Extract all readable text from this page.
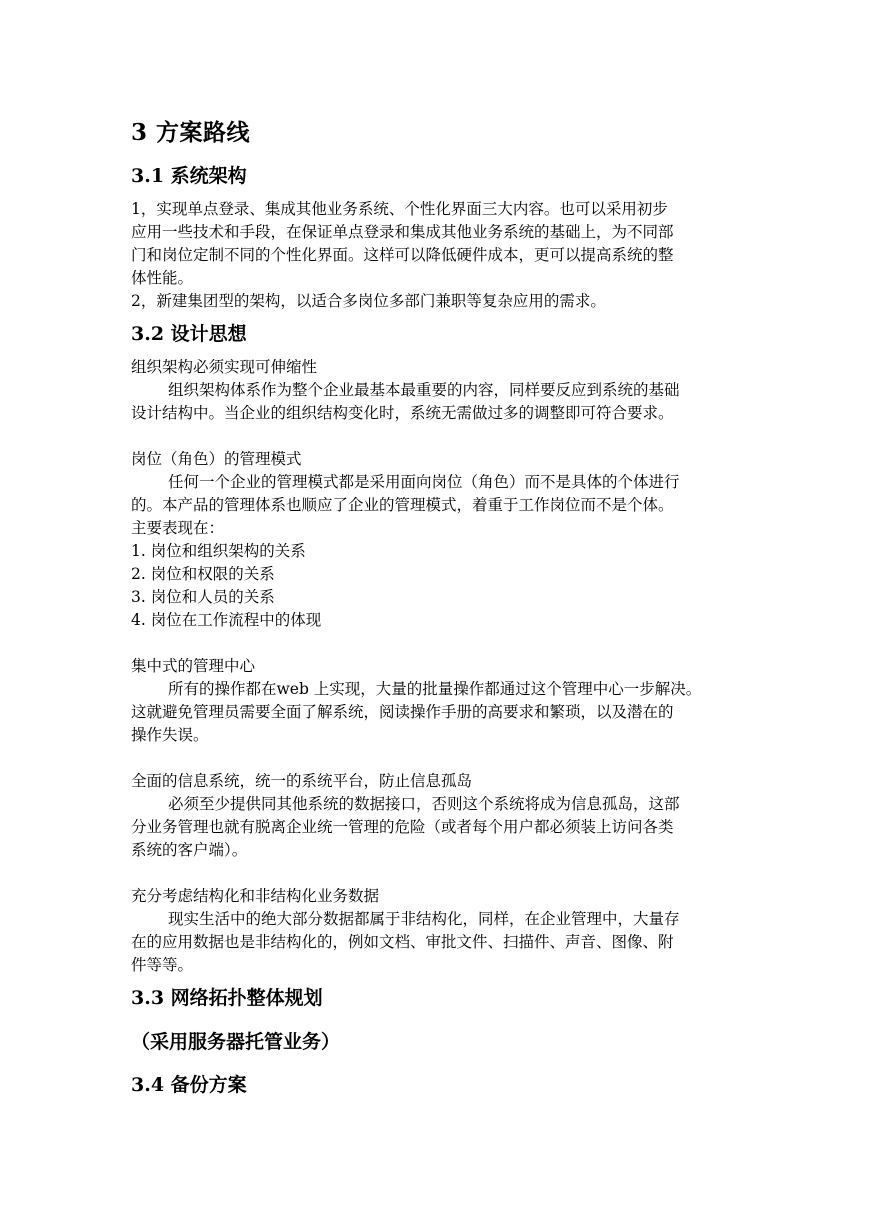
3 方案路线
3.1 系统架构
1，实现单点登录、集成其他业务系统、个性化界面三大内容。也可以采用初步
应用一些技术和手段，在保证单点登录和集成其他业务系统的基础上，为不同部
门和岗位定制不同的个性化界面。这样可以降低硬件成本，更可以提高系统的整
体性能。
2，新建集团型的架构，以适合多岗位多部门兼职等复杂应用的需求。
3.2 设计思想
组织架构必须实现可伸缩性
组织架构体系作为整个企业最基本最重要的内容，同样要反应到系统的基础
设计结构中。当企业的组织结构变化时，系统无需做过多的调整即可符合要求。
岗位（角色）的管理模式
任何一个企业的管理模式都是采用面向岗位（角色）而不是具体的个体进行
的。本产品的管理体系也顺应了企业的管理模式，着重于工作岗位而不是个体。
主要表现在：
1. 岗位和组织架构的关系
2. 岗位和权限的关系
3. 岗位和人员的关系
4. 岗位在工作流程中的体现
集中式的管理中心
所有的操作都在web 上实现，大量的批量操作都通过这个管理中心一步解决。
这就避免管理员需要全面了解系统，阅读操作手册的高要求和繁琐，以及潜在的
操作失误。
全面的信息系统，统一的系统平台，防止信息孤岛
必须至少提供同其他系统的数据接口，否则这个系统将成为信息孤岛，这部
分业务管理也就有脱离企业统一管理的危险（或者每个用户都必须装上访问各类
系统的客户端）。
充分考虑结构化和非结构化业务数据
现实生活中的绝大部分数据都属于非结构化，同样，在企业管理中，大量存
在的应用数据也是非结构化的，例如文档、审批文件、扫描件、声音、图像、附
件等等。
3.3 网络拓扑整体规划
（采用服务器托管业务）
3.4 备份方案
